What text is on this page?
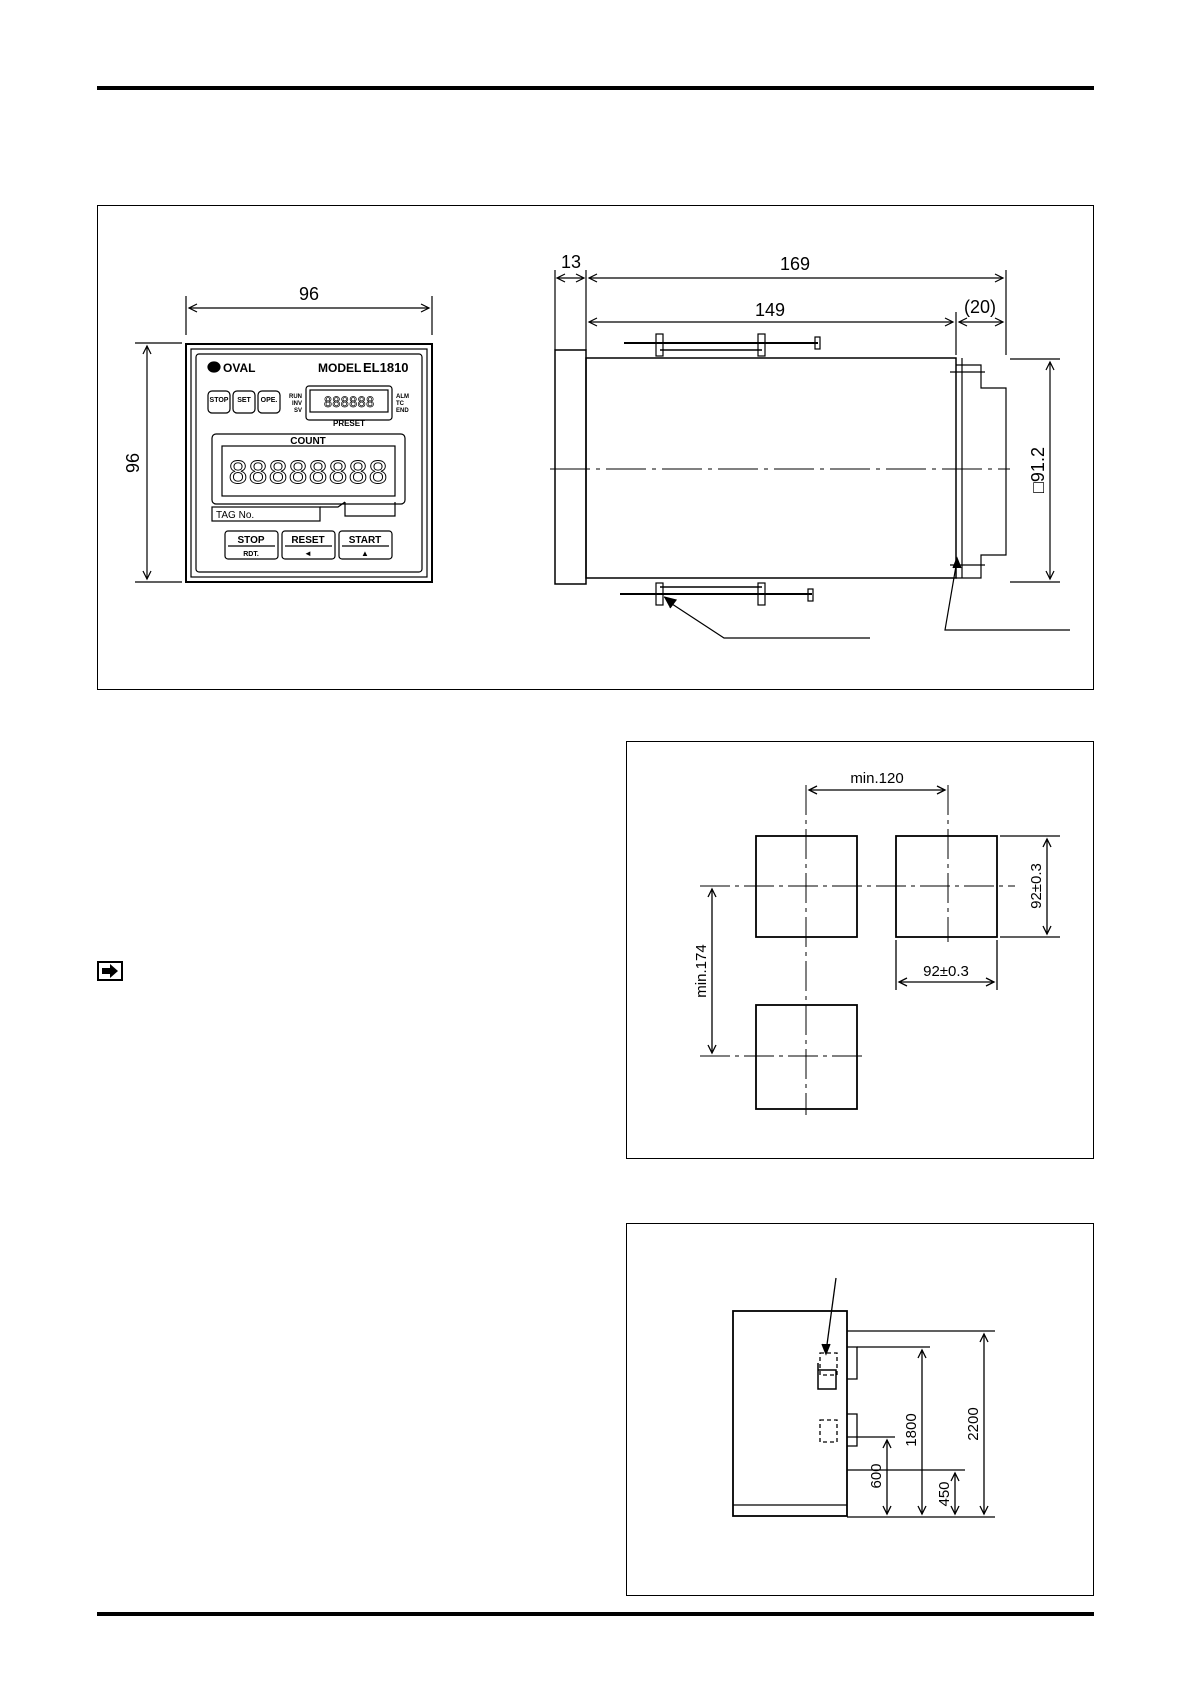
96
96
OVAL	MODEL EL1810
STOP SET OPE. RUN
INV
SV
ALM
TC
END
888888
PRESET
COUNT
88888888
TAG No.
STOP
RDT.
RESET
◄
START
▲
13	169
149	(20)
□91.2
min.120
min.174
92±0.3
92±0.3
600
1800
450
2200
